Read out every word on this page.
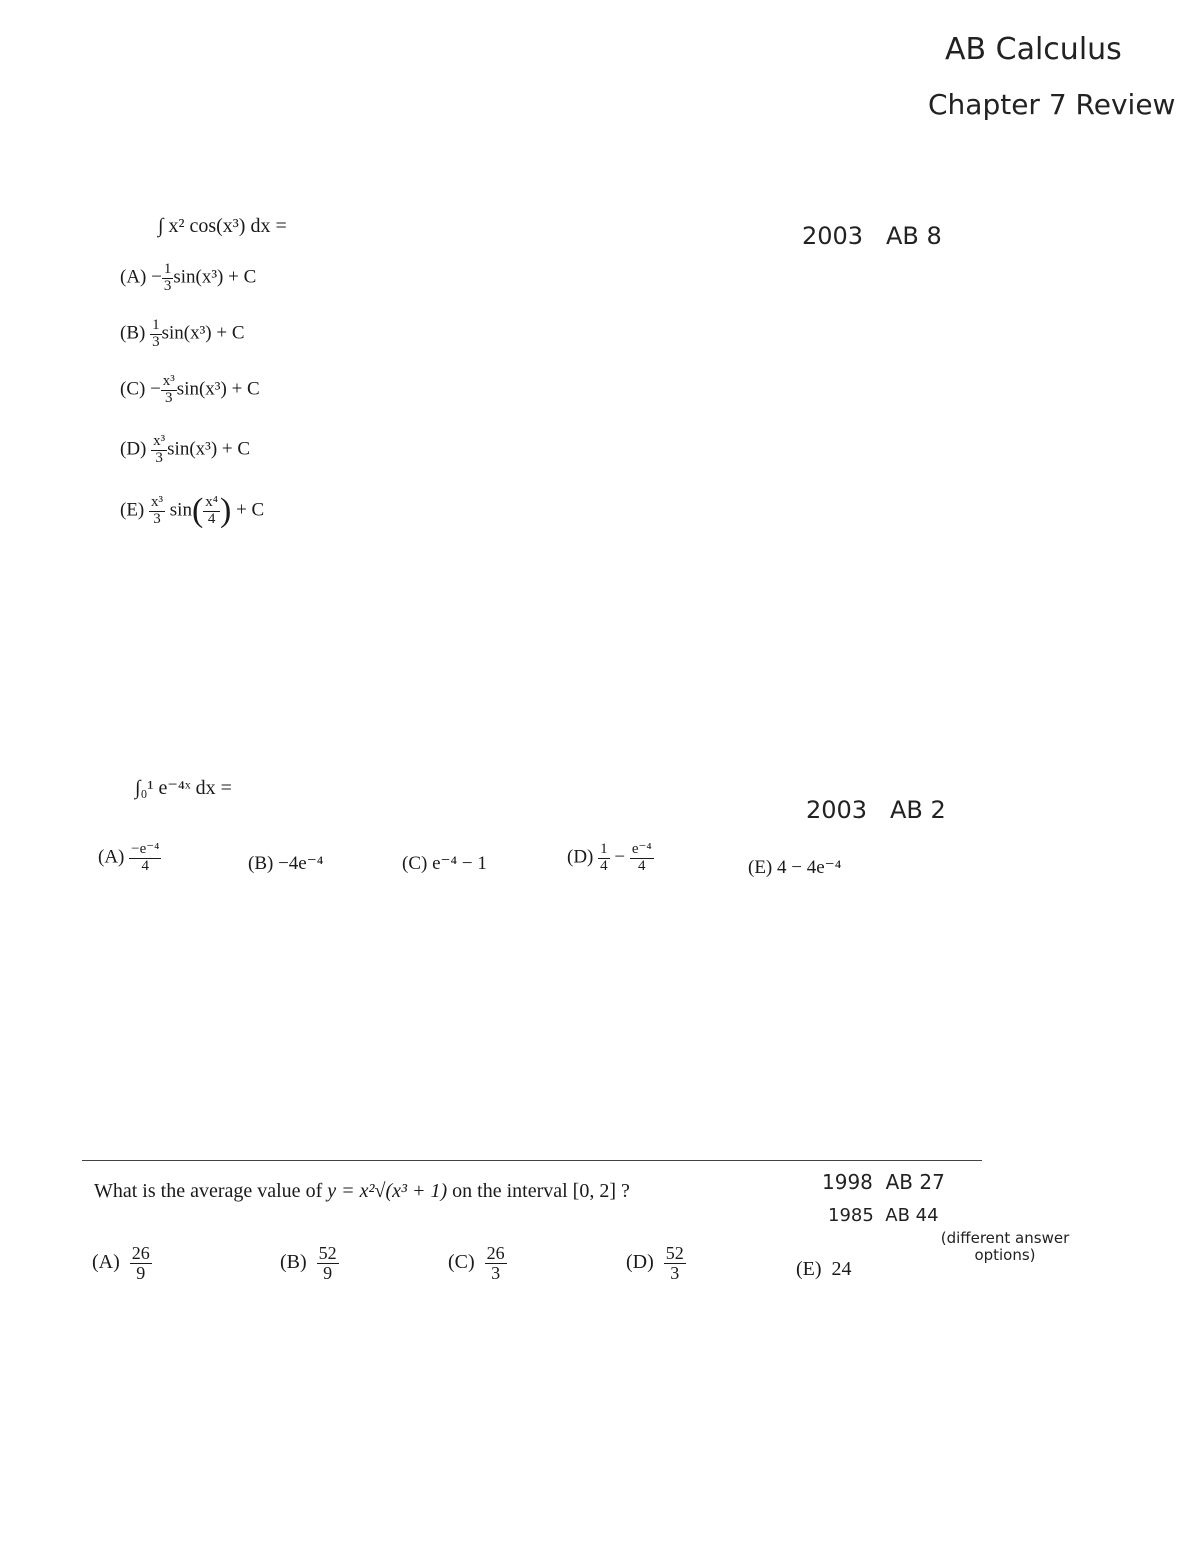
AB Calculus
Chapter 7 Review
∫ x² cos(x³) dx =	2003   AB 8
$(A) - \frac{1}{3} \sin(x^3) + C$
$(B) \frac{1}{3} \sin(x^3) + C$
$(C) - \frac{\text{x³}}{3} \sin(x^3) + C$
$(D) \frac{\text{x³}}{3} \sin(x^3) + C$
$(E) \frac{\text{x³}}{3} \sin( \frac{\text{x⁴}}{4}$ ) + C
∫₀¹ e⁻⁴ˣ dx =
2003   AB 2
$(A) \frac{\text{−e⁻⁴}}{4}$	(B) −4e⁻⁴	(C) e⁻⁴ − 1	$(D) \frac{1}{4} - \frac{\text{e⁻⁴}}{4}$	(E) 4 − 4e⁻⁴
What is the average value of y = x²√(x³ + 1) on the interval [0, 2] ?	1998  AB 27
1985  AB 44
(different answer options)
$(A) \frac{26}{9}$	$(B) \frac{52}{9}$	$(C) \frac{26}{3}$	$(D) \frac{52}{3}$	(E) 24
